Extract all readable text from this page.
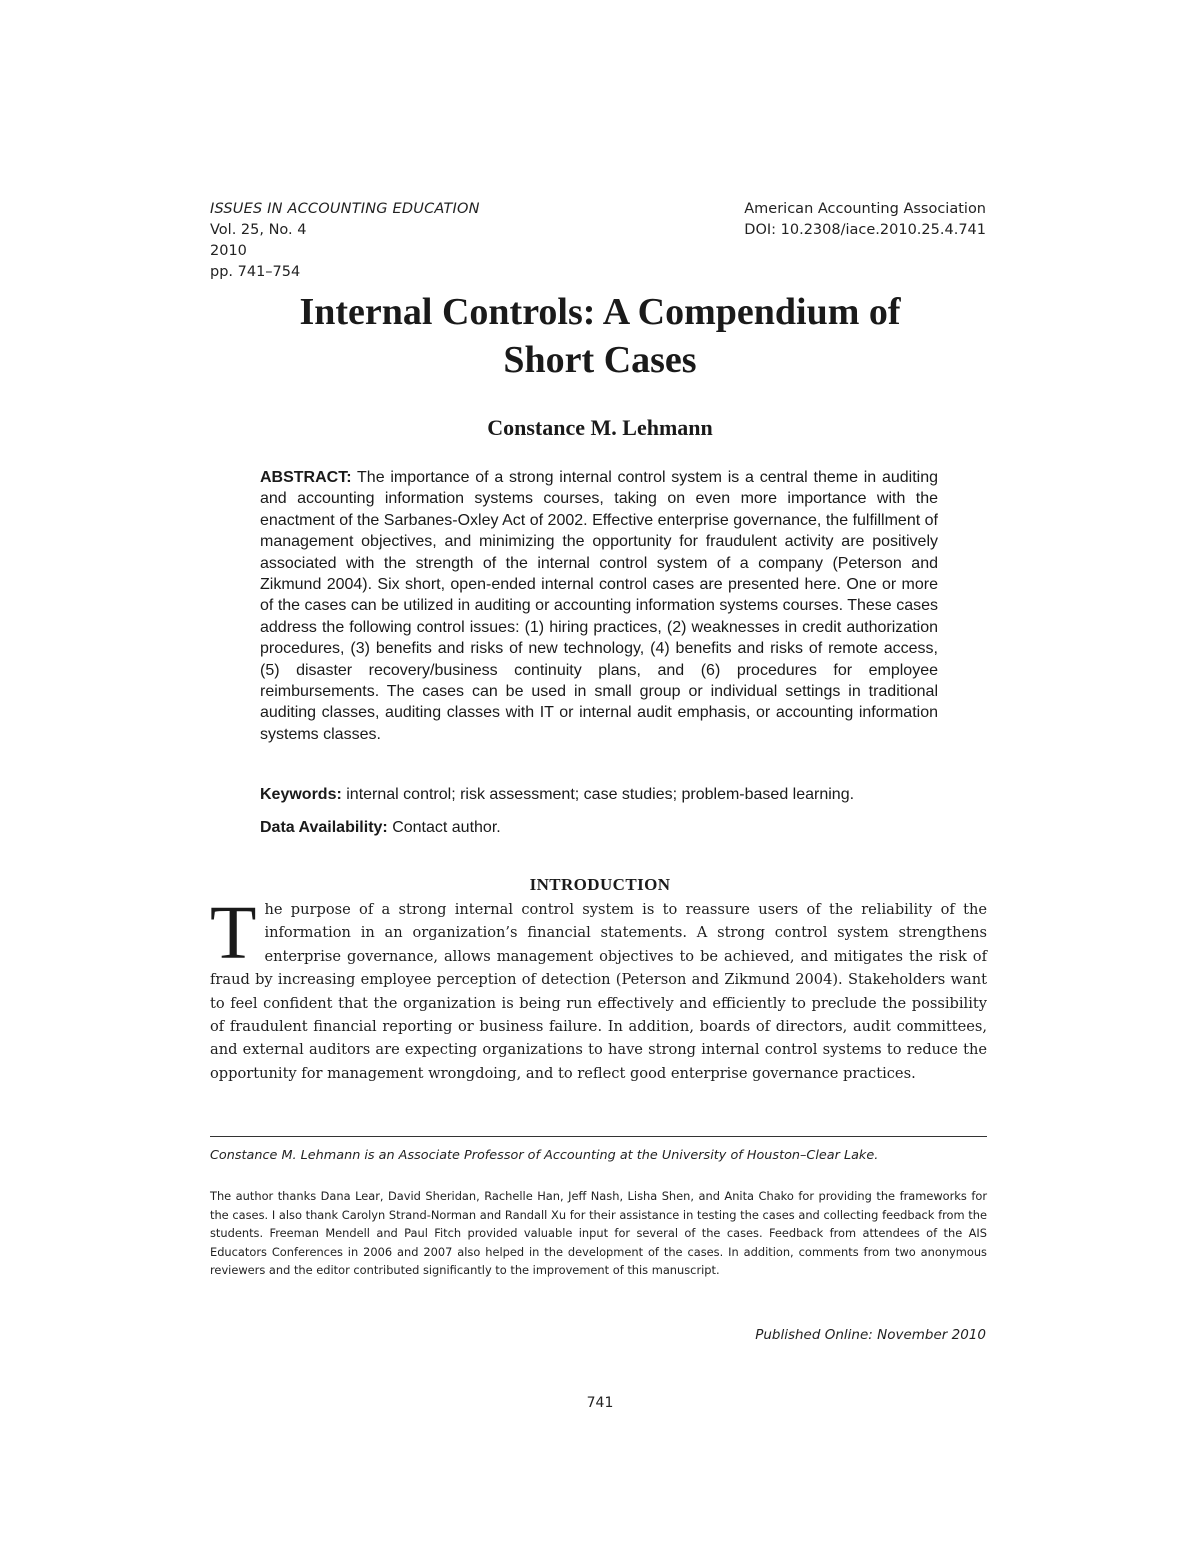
ISSUES IN ACCOUNTING EDUCATION
Vol. 25, No. 4
2010
pp. 741–754
American Accounting Association
DOI: 10.2308/iace.2010.25.4.741
Internal Controls: A Compendium of
Short Cases
Constance M. Lehmann
ABSTRACT: The importance of a strong internal control system is a central theme in auditing and accounting information systems courses, taking on even more importance with the enactment of the Sarbanes-Oxley Act of 2002. Effective enterprise governance, the fulfillment of management objectives, and minimizing the opportunity for fraudulent activity are positively associated with the strength of the internal control system of a company (Peterson and Zikmund 2004). Six short, open-ended internal control cases are presented here. One or more of the cases can be utilized in auditing or accounting information systems courses. These cases address the following control issues: (1) hiring practices, (2) weaknesses in credit authorization procedures, (3) benefits and risks of new technology, (4) benefits and risks of remote access, (5) disaster recovery/business continuity plans, and (6) procedures for employee reimbursements. The cases can be used in small group or individual settings in traditional auditing classes, auditing classes with IT or internal audit emphasis, or accounting information systems classes.
Keywords: internal control; risk assessment; case studies; problem-based learning.
Data Availability: Contact author.
INTRODUCTION
The purpose of a strong internal control system is to reassure users of the reliability of the information in an organization’s financial statements. A strong control system strengthens enterprise governance, allows management objectives to be achieved, and mitigates the risk of fraud by increasing employee perception of detection (Peterson and Zikmund 2004). Stakeholders want to feel confident that the organization is being run effectively and efficiently to preclude the possibility of fraudulent financial reporting or business failure. In addition, boards of directors, audit committees, and external auditors are expecting organizations to have strong internal control systems to reduce the opportunity for management wrongdoing, and to reflect good enterprise governance practices.
Constance M. Lehmann is an Associate Professor of Accounting at the University of Houston–Clear Lake.
The author thanks Dana Lear, David Sheridan, Rachelle Han, Jeff Nash, Lisha Shen, and Anita Chako for providing the frameworks for the cases. I also thank Carolyn Strand-Norman and Randall Xu for their assistance in testing the cases and collecting feedback from the students. Freeman Mendell and Paul Fitch provided valuable input for several of the cases. Feedback from attendees of the AIS Educators Conferences in 2006 and 2007 also helped in the development of the cases. In addition, comments from two anonymous reviewers and the editor contributed significantly to the improvement of this manuscript.
Published Online: November 2010
741
